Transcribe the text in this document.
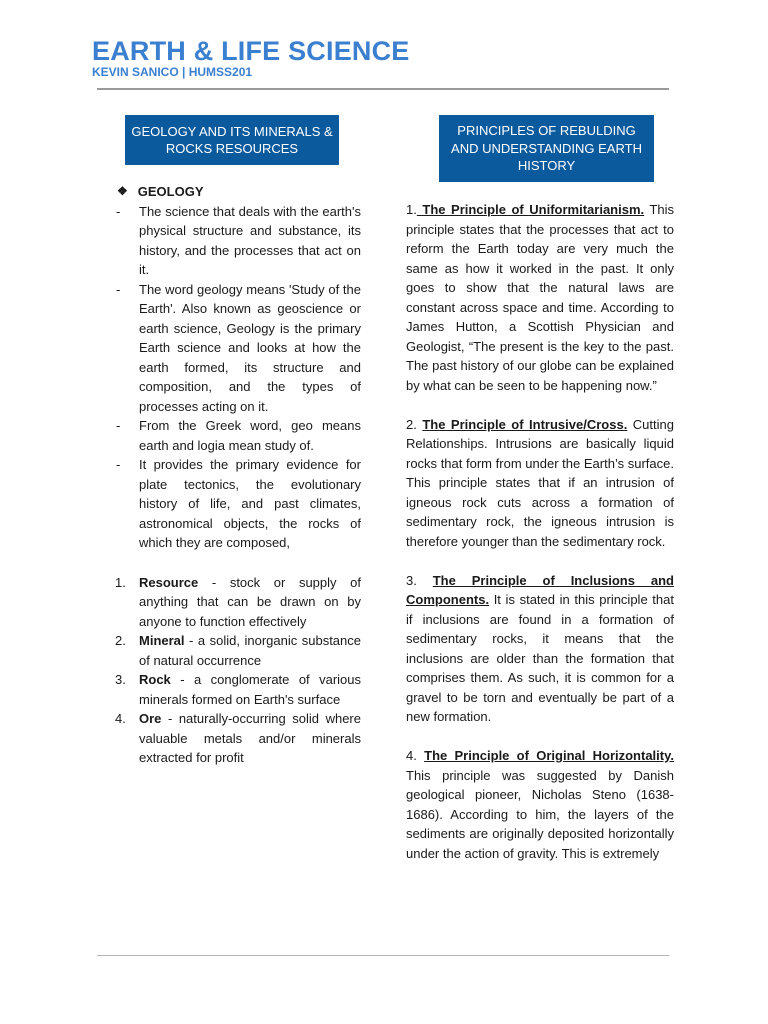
EARTH & LIFE SCIENCE
KEVIN SANICO | HUMSS201
GEOLOGY AND ITS MINERALS & ROCKS RESOURCES
PRINCIPLES OF REBULDING AND UNDERSTANDING EARTH HISTORY
❖ GEOLOGY
- The science that deals with the earth's physical structure and substance, its history, and the processes that act on it.
- The word geology means 'Study of the Earth'. Also known as geoscience or earth science, Geology is the primary Earth science and looks at how the earth formed, its structure and composition, and the types of processes acting on it.
- From the Greek word, geo means earth and logia mean study of.
- It provides the primary evidence for plate tectonics, the evolutionary history of life, and past climates, astronomical objects, the rocks of which they are composed,
1. Resource - stock or supply of anything that can be drawn on by anyone to function effectively
2. Mineral - a solid, inorganic substance of natural occurrence
3. Rock - a conglomerate of various minerals formed on Earth's surface
4. Ore - naturally-occurring solid where valuable metals and/or minerals extracted for profit

1. The Principle of Uniformitarianism. This principle states that the processes that act to reform the Earth today are very much the same as how it worked in the past. It only goes to show that the natural laws are constant across space and time. According to James Hutton, a Scottish Physician and Geologist, “The present is the key to the past. The past history of our globe can be explained by what can be seen to be happening now.”

2. The Principle of Intrusive/Cross. Cutting Relationships. Intrusions are basically liquid rocks that form from under the Earth’s surface. This principle states that if an intrusion of igneous rock cuts across a formation of sedimentary rock, the igneous intrusion is therefore younger than the sedimentary rock.

3. The Principle of Inclusions and Components. It is stated in this principle that if inclusions are found in a formation of sedimentary rocks, it means that the inclusions are older than the formation that comprises them. As such, it is common for a gravel to be torn and eventually be part of a new formation.

4. The Principle of Original Horizontality. This principle was suggested by Danish geological pioneer, Nicholas Steno (1638-1686). According to him, the layers of the sediments are originally deposited horizontally under the action of gravity. This is extremely
